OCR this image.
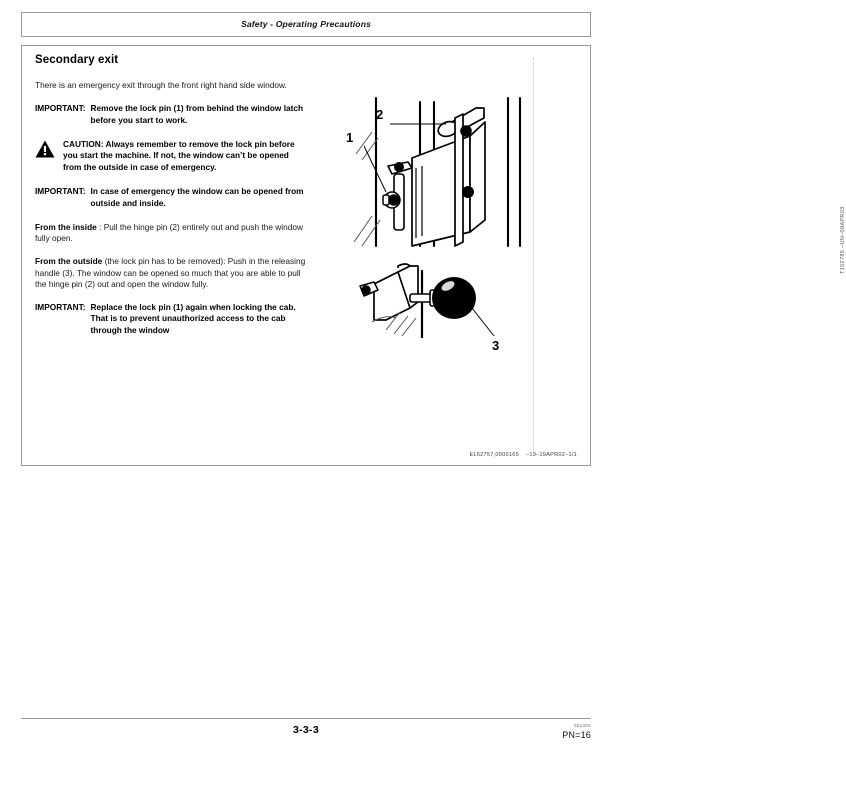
Safety - Operating Precautions
Secondary exit

There is an emergency exit through the front right hand side window.

IMPORTANT: Remove the lock pin (1) from behind the window latch before you start to work.
CAUTION: Always remember to remove the lock pin before you start the machine. If not, the window can’t be opened from the outside in case of emergency.
IMPORTANT: In case of emergency the window can be opened from outside and inside.

From the inside : Pull the hinge pin (2) entirely out and push the window fully open.

From the outside (the lock pin has to be removed): Push in the releasing handle (3). The window can be opened so much that you are able to pull the hinge pin (2) out and open the window fully.

IMPORTANT: Replace the lock pin (1) again when locking the cab. That is to prevent unauthorized access to the cab through the window
1
2
3
T152785 –UN–09APR03
EL62757,0000165 –19–19APR02–1/1
3-3-3	051404
PN=16
